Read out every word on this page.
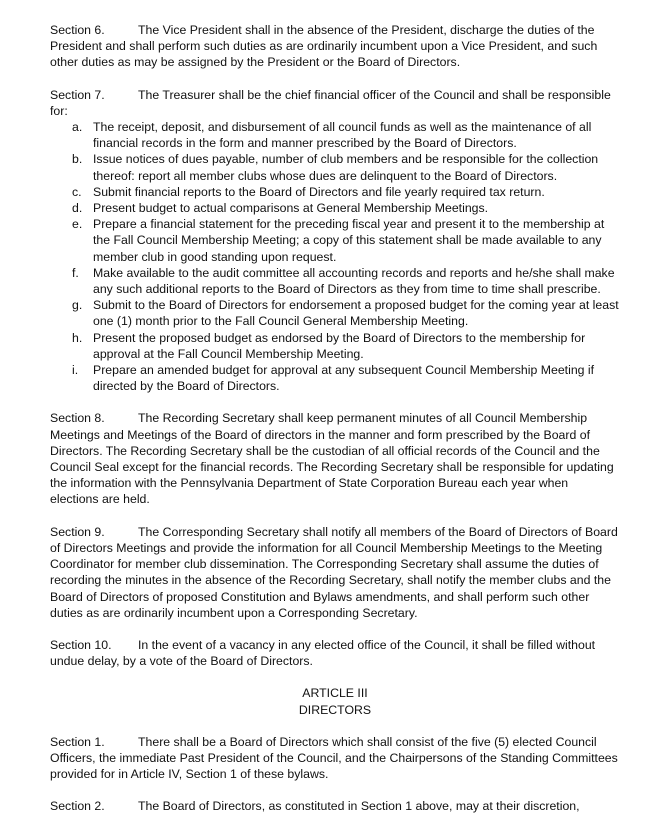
Section 6.	The Vice President shall in the absence of the President, discharge the duties of the President and shall perform such duties as are ordinarily incumbent upon a Vice President, and such other duties as may be assigned by the President or the Board of Directors.

Section 7.	The Treasurer shall be the chief financial officer of the Council and shall be responsible for:

a. The receipt, deposit, and disbursement of all council funds as well as the maintenance of all financial records in the form and manner prescribed by the Board of Directors.
b. Issue notices of dues payable, number of club members and be responsible for the collection thereof: report all member clubs whose dues are delinquent to the Board of Directors.
c. Submit financial reports to the Board of Directors and file yearly required tax return.
d. Present budget to actual comparisons at General Membership Meetings.
e. Prepare a financial statement for the preceding fiscal year and present it to the membership at the Fall Council Membership Meeting; a copy of this statement shall be made available to any member club in good standing upon request.
f. Make available to the audit committee all accounting records and reports and he/she shall make any such additional reports to the Board of Directors as they from time to time shall prescribe.
g. Submit to the Board of Directors for endorsement a proposed budget for the coming year at least one (1) month prior to the Fall Council General Membership Meeting.
h. Present the proposed budget as endorsed by the Board of Directors to the membership for approval at the Fall Council Membership Meeting.
i. Prepare an amended budget for approval at any subsequent Council Membership Meeting if directed by the Board of Directors.

Section 8.	The Recording Secretary shall keep permanent minutes of all Council Membership Meetings and Meetings of the Board of directors in the manner and form prescribed by the Board of Directors. The Recording Secretary shall be the custodian of all official records of the Council and the Council Seal except for the financial records. The Recording Secretary shall be responsible for updating the information with the Pennsylvania Department of State Corporation Bureau each year when elections are held.

Section 9.	The Corresponding Secretary shall notify all members of the Board of Directors of Board of Directors Meetings and provide the information for all Council Membership Meetings to the Meeting Coordinator for member club dissemination. The Corresponding Secretary shall assume the duties of recording the minutes in the absence of the Recording Secretary, shall notify the member clubs and the Board of Directors of proposed Constitution and Bylaws amendments, and shall perform such other duties as are ordinarily incumbent upon a Corresponding Secretary.

Section 10. In the event of a vacancy in any elected office of the Council, it shall be filled without undue delay, by a vote of the Board of Directors.

ARTICLE III

DIRECTORS

Section 1.	There shall be a Board of Directors which shall consist of the five (5) elected Council Officers, the immediate Past President of the Council, and the Chairpersons of the Standing Committees provided for in Article IV, Section 1 of these bylaws.

Section 2.	The Board of Directors, as constituted in Section 1 above, may at their discretion,
